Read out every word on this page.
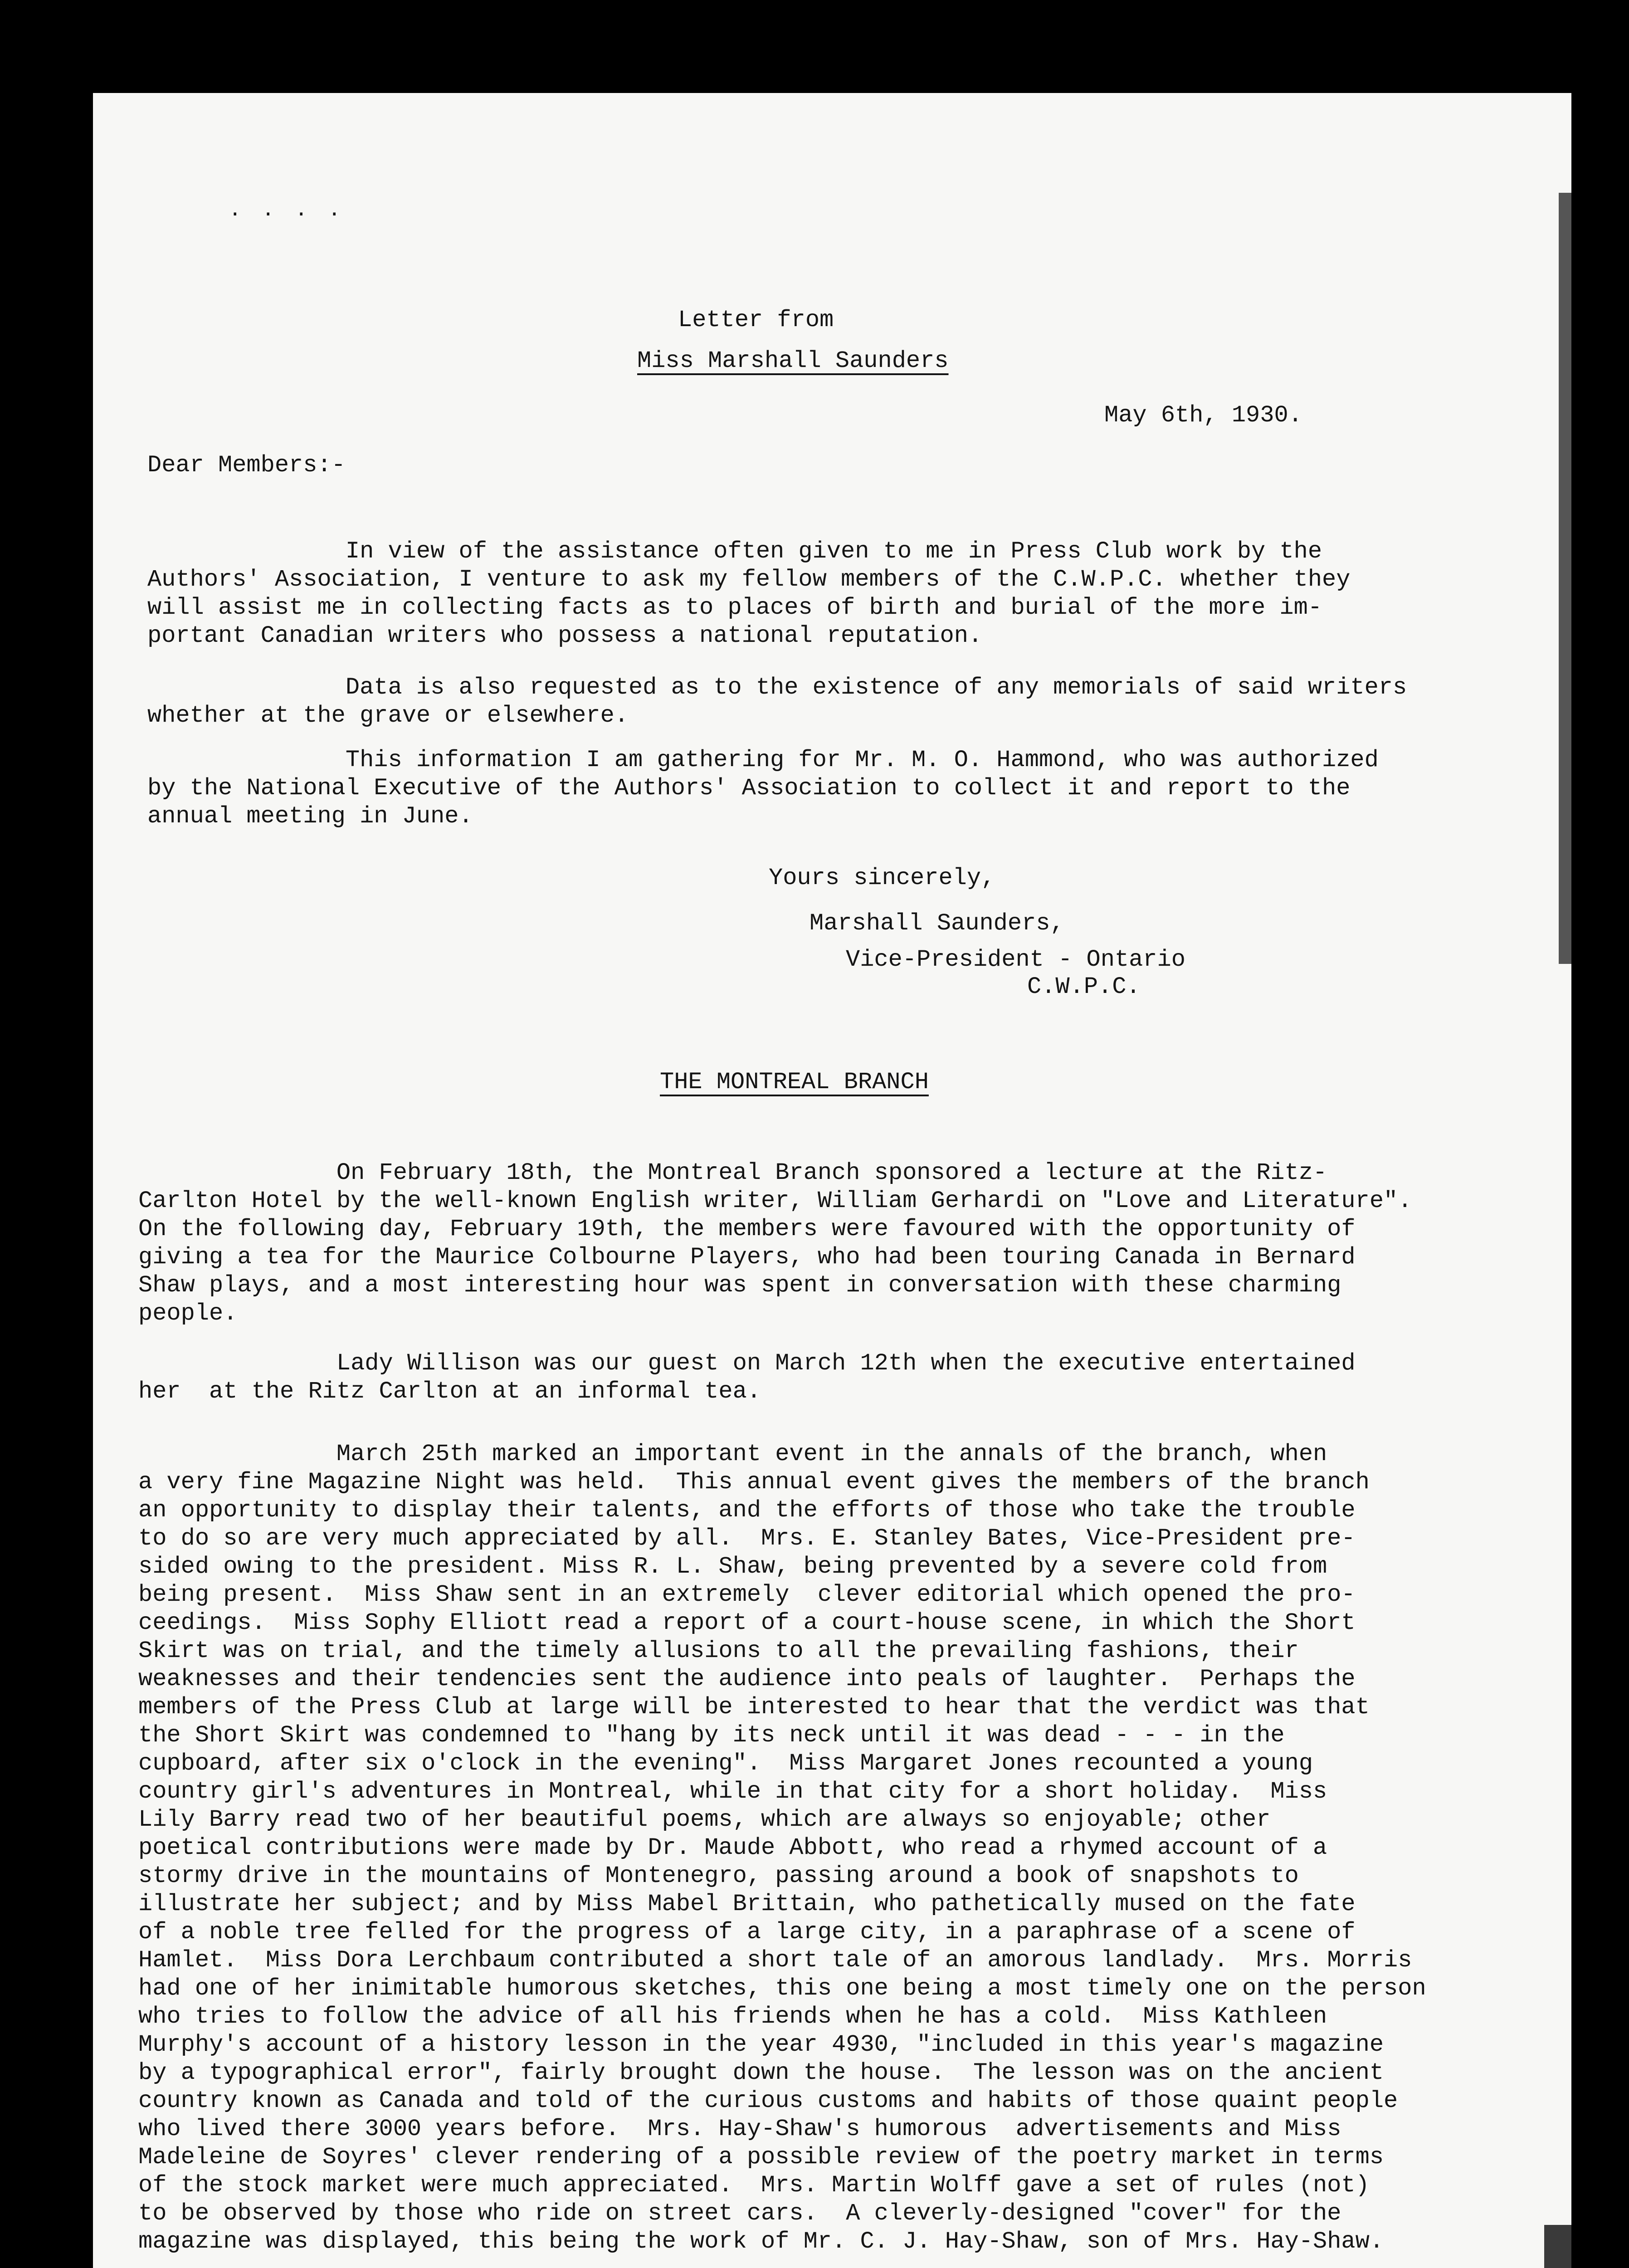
. . . .
Letter from
Miss Marshall Saunders
May 6th, 1930.
Dear Members:-
In view of the assistance often given to me in Press Club work by the
Authors' Association, I venture to ask my fellow members of the C.W.P.C. whether they
will assist me in collecting facts as to places of birth and burial of the more im-
portant Canadian writers who possess a national reputation.
Data is also requested as to the existence of any memorials of said writers
whether at the grave or elsewhere.
This information I am gathering for Mr. M. O. Hammond, who was authorized
by the National Executive of the Authors' Association to collect it and report to the
annual meeting in June.
Yours sincerely,
Marshall Saunders,
Vice-President - Ontario
C.W.P.C.
THE MONTREAL BRANCH
On February 18th, the Montreal Branch sponsored a lecture at the Ritz-
Carlton Hotel by the well-known English writer, William Gerhardi on "Love and Literature".
On the following day, February 19th, the members were favoured with the opportunity of
giving a tea for the Maurice Colbourne Players, who had been touring Canada in Bernard
Shaw plays, and a most interesting hour was spent in conversation with these charming
people.
Lady Willison was our guest on March 12th when the executive entertained
her  at the Ritz Carlton at an informal tea.
March 25th marked an important event in the annals of the branch, when
a very fine Magazine Night was held.  This annual event gives the members of the branch
an opportunity to display their talents, and the efforts of those who take the trouble
to do so are very much appreciated by all.  Mrs. E. Stanley Bates, Vice-President pre-
sided owing to the president. Miss R. L. Shaw, being prevented by a severe cold from
being present.  Miss Shaw sent in an extremely  clever editorial which opened the pro-
ceedings.  Miss Sophy Elliott read a report of a court-house scene, in which the Short
Skirt was on trial, and the timely allusions to all the prevailing fashions, their
weaknesses and their tendencies sent the audience into peals of laughter.  Perhaps the
members of the Press Club at large will be interested to hear that the verdict was that
the Short Skirt was condemned to "hang by its neck until it was dead - - - in the
cupboard, after six o'clock in the evening".  Miss Margaret Jones recounted a young
country girl's adventures in Montreal, while in that city for a short holiday.  Miss
Lily Barry read two of her beautiful poems, which are always so enjoyable; other
poetical contributions were made by Dr. Maude Abbott, who read a rhymed account of a
stormy drive in the mountains of Montenegro, passing around a book of snapshots to
illustrate her subject; and by Miss Mabel Brittain, who pathetically mused on the fate
of a noble tree felled for the progress of a large city, in a paraphrase of a scene of
Hamlet.  Miss Dora Lerchbaum contributed a short tale of an amorous landlady.  Mrs. Morris
had one of her inimitable humorous sketches, this one being a most timely one on the person
who tries to follow the advice of all his friends when he has a cold.  Miss Kathleen
Murphy's account of a history lesson in the year 4930, "included in this year's magazine
by a typographical error", fairly brought down the house.  The lesson was on the ancient
country known as Canada and told of the curious customs and habits of those quaint people
who lived there 3000 years before.  Mrs. Hay-Shaw's humorous  advertisements and Miss
Madeleine de Soyres' clever rendering of a possible review of the poetry market in terms
of the stock market were much appreciated.  Mrs. Martin Wolff gave a set of rules (not)
to be observed by those who ride on street cars.  A cleverly-designed "cover" for the
magazine was displayed, this being the work of Mr. C. J. Hay-Shaw, son of Mrs. Hay-Shaw.
